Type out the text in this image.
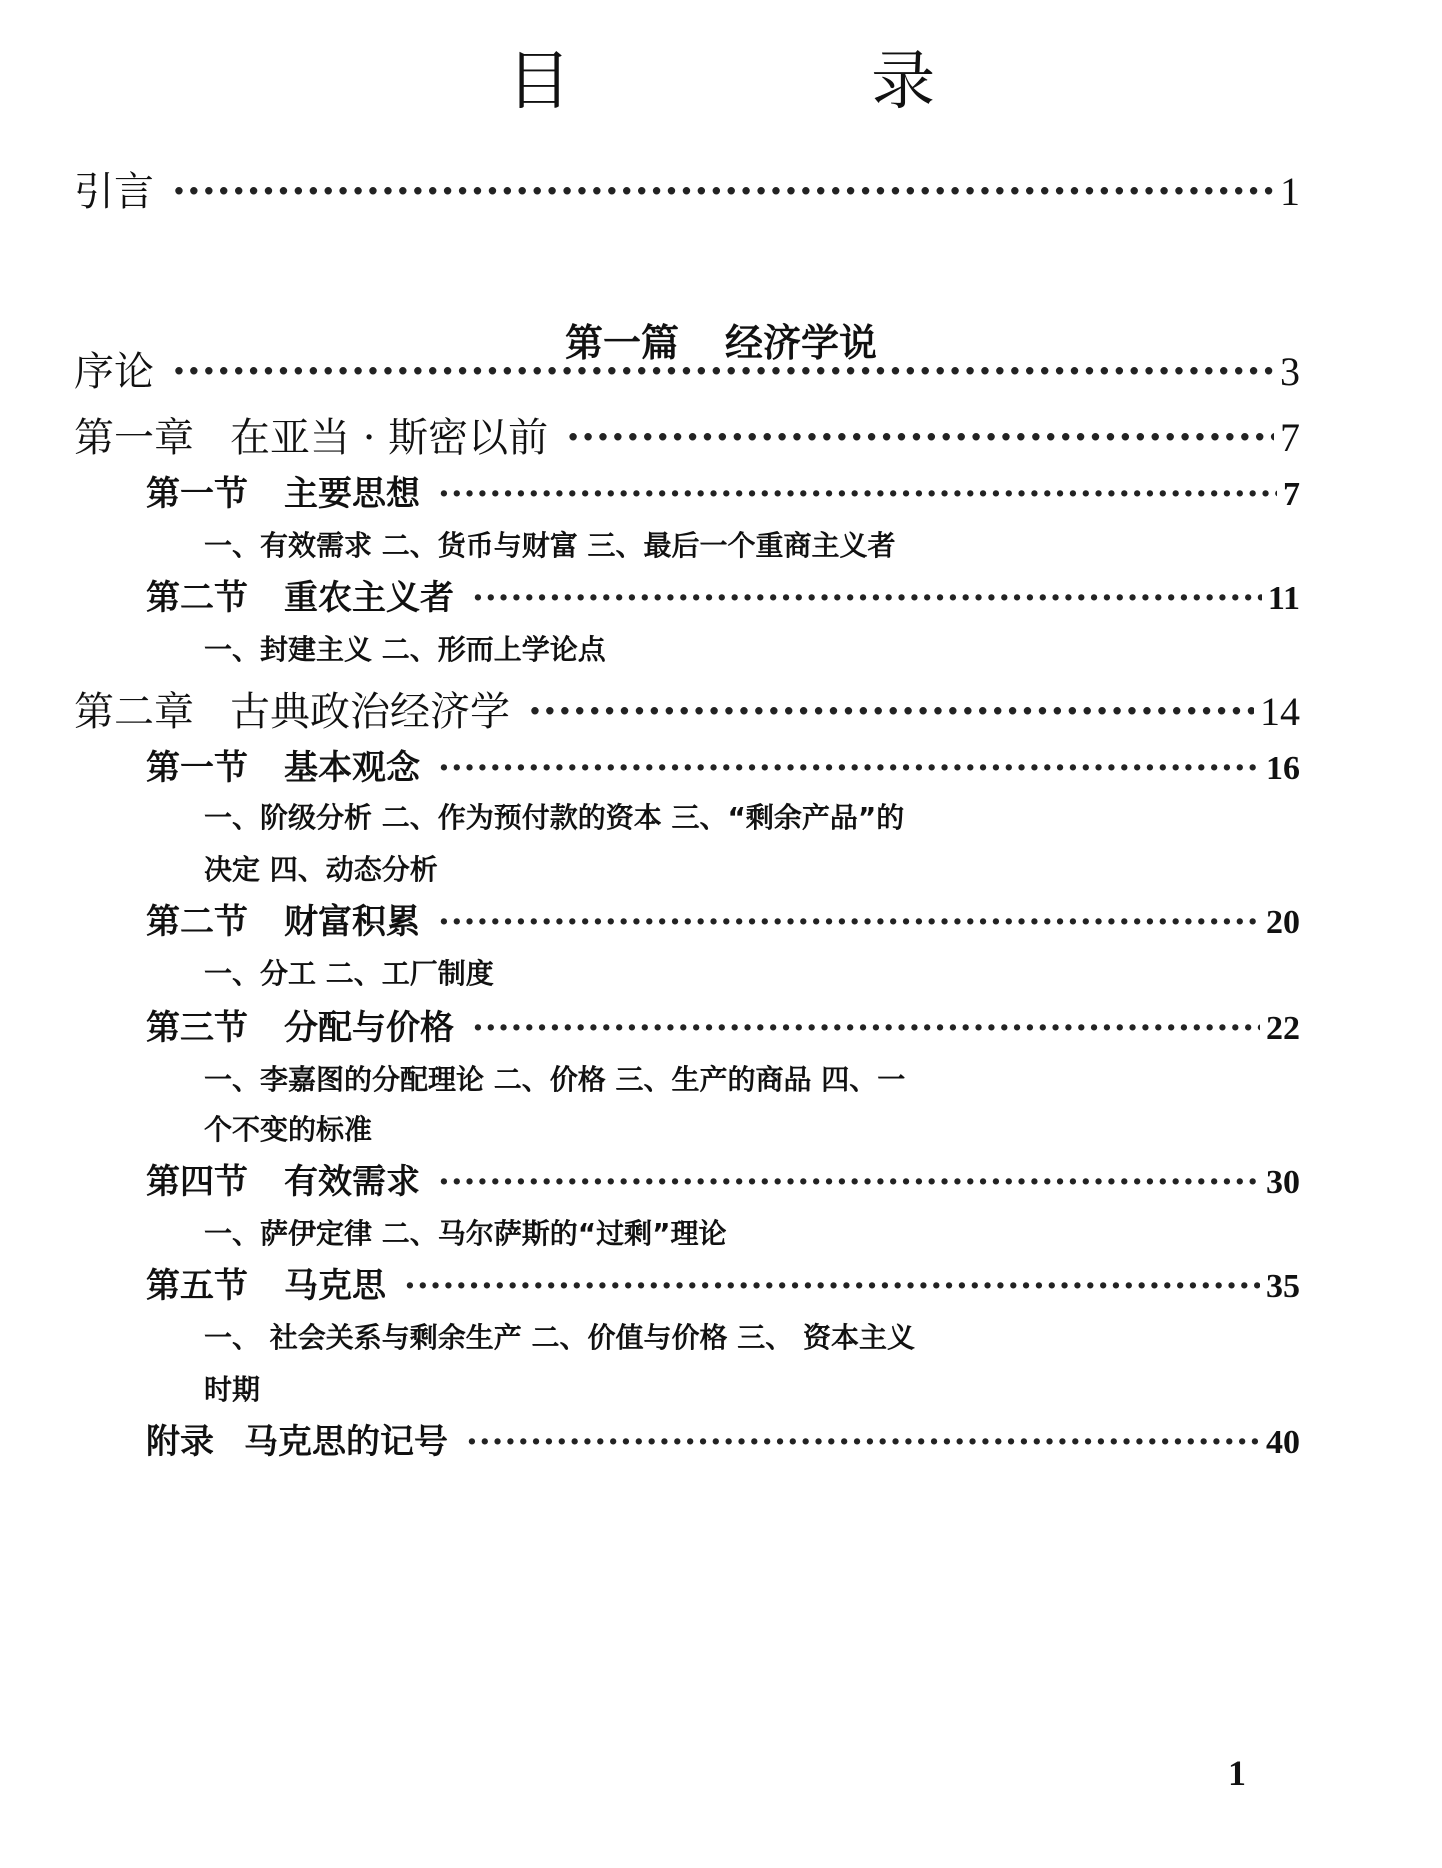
目 录
引言 ·····	1
第一篇 经济学说
序论 ·····	3
第一章 在亚当 · 斯密以前 ·····	7
第一节 主要思想 ·····	7
一、有效需求 二、货币与财富 三、最后一个重商主义者
第二节 重农主义者 ·····	11
一、封建主义 二、形而上学论点
第二章 古典政治经济学 ·····	14
第一节 基本观念 ·····	16
一、阶级分析 二、作为预付款的资本 三、“剩余产品”的
决定 四、动态分析
第二节 财富积累 ·····	20
一、分工 二、工厂制度
第三节 分配与价格 ·····	22
一、李嘉图的分配理论 二、价格 三、生产的商品 四、一
个不变的标准
第四节 有效需求 ·····	30
一、萨伊定律 二、马尔萨斯的“过剩”理论
第五节 马克思 ·····	35
一、 社会关系与剩余生产 二、价值与价格 三、 资本主义
时期
附录 马克思的记号 ·····	40
1
